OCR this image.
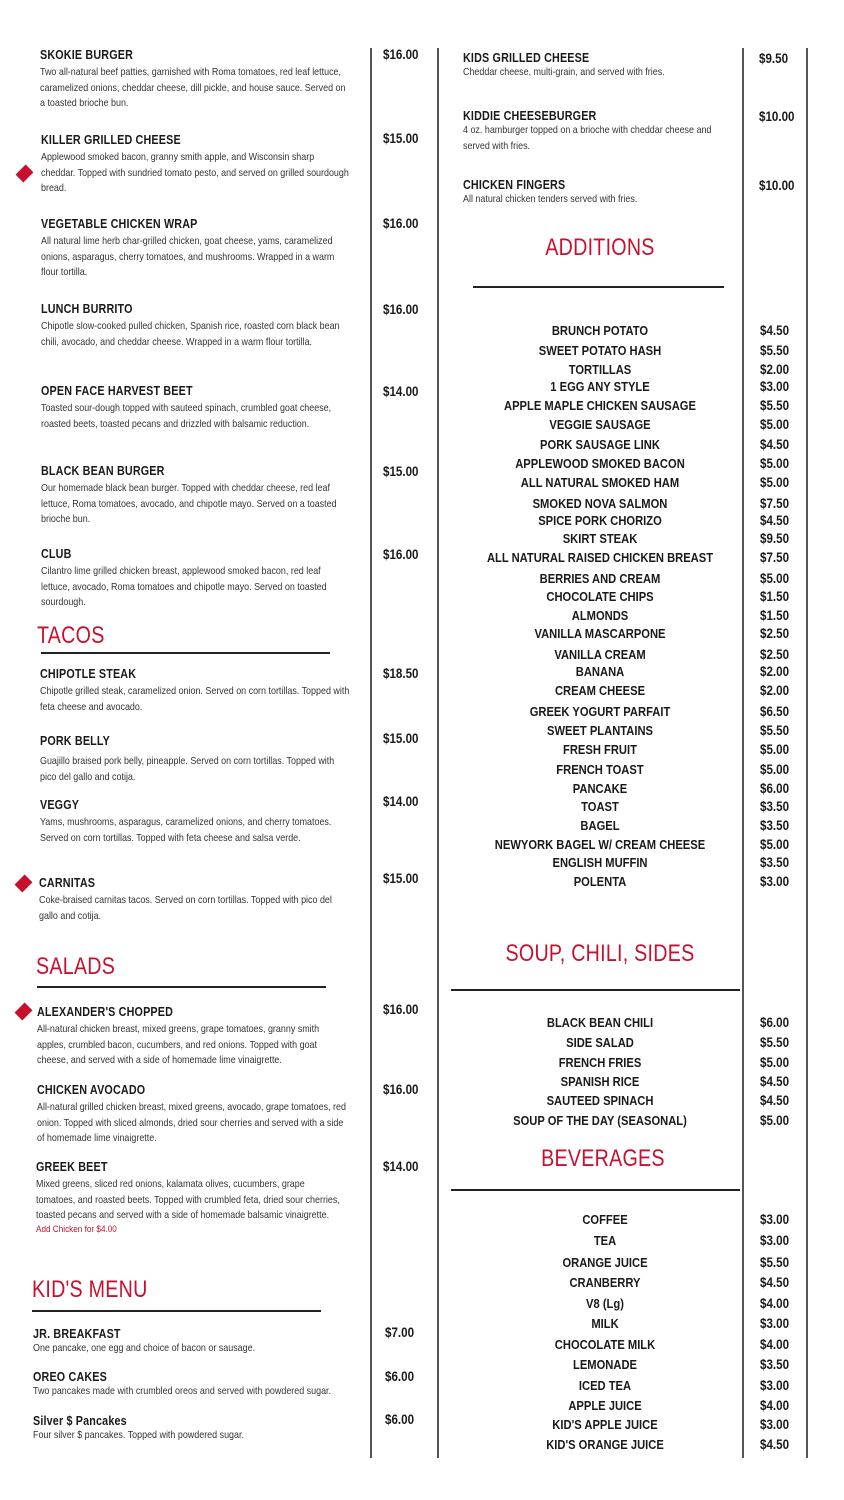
SKOKIE BURGER
Two all-natural beef patties, garnished with Roma tomatoes, red leaf lettuce, caramelized onions, cheddar cheese, dill pickle, and house sauce. Served on a toasted brioche bun.
$16.00
KILLER GRILLED CHEESE
Applewood smoked bacon, granny smith apple, and Wisconsin sharp cheddar. Topped with sundried tomato pesto, and served on grilled sourdough bread.
$15.00
VEGETABLE CHICKEN WRAP
All natural lime herb char-grilled chicken, goat cheese, yams, caramelized onions, asparagus, cherry tomatoes, and mushrooms. Wrapped in a warm flour tortilla.
$16.00
LUNCH BURRITO
Chipotle slow-cooked pulled chicken, Spanish rice, roasted corn black bean chili, avocado, and cheddar cheese. Wrapped in a warm flour tortilla.
$16.00
OPEN FACE HARVEST BEET
Toasted sour-dough topped with sauteed spinach, crumbled goat cheese, roasted beets, toasted pecans and drizzled with balsamic reduction.
$14.00
BLACK BEAN BURGER
Our homemade black bean burger. Topped with cheddar cheese, red leaf lettuce, Roma tomatoes, avocado, and chipotle mayo. Served on a toasted brioche bun.
$15.00
CLUB
Cilantro lime grilled chicken breast, applewood smoked bacon, red leaf lettuce, avocado, Roma tomatoes and chipotle mayo. Served on toasted sourdough.
$16.00
TACOS
CHIPOTLE STEAK
Chipotle grilled steak, caramelized onion. Served on corn tortillas. Topped with feta cheese and avocado.
$18.50
PORK BELLY
Guajillo braised pork belly, pineapple. Served on corn tortillas. Topped with pico del gallo and cotija.
$15.00
VEGGY
Yams, mushrooms, asparagus, caramelized onions, and cherry tomatoes. Served on corn tortillas. Topped with feta cheese and salsa verde.
$14.00
CARNITAS
Coke-braised carnitas tacos. Served on corn tortillas. Topped with pico del gallo and cotija.
$15.00
SALADS
ALEXANDER'S CHOPPED
All-natural chicken breast, mixed greens, grape tomatoes, granny smith apples, crumbled bacon, cucumbers, and red onions. Topped with goat cheese, and served with a side of homemade lime vinaigrette.
$16.00
CHICKEN AVOCADO
All-natural grilled chicken breast, mixed greens, avocado, grape tomatoes, red onion. Topped with sliced almonds, dried sour cherries and served with a side of homemade lime vinaigrette.
$16.00
GREEK BEET
Mixed greens, sliced red onions, kalamata olives, cucumbers, grape tomatoes, and roasted beets. Topped with crumbled feta, dried sour cherries, toasted pecans and served with a side of homemade balsamic vinaigrette.
Add Chicken for $4.00
$14.00
KID'S MENU
JR. BREAKFAST
One pancake, one egg and choice of bacon or sausage.
$7.00
OREO CAKES
Two pancakes made with crumbled oreos and served with powdered sugar.
$6.00
Silver $ Pancakes
Four silver $ pancakes. Topped with powdered sugar.
$6.00
KIDS GRILLED CHEESE
Cheddar cheese, multi-grain, and served with fries.
$9.50
KIDDIE CHEESEBURGER
4 oz. hamburger topped on a brioche with cheddar cheese and served with fries.
$10.00
CHICKEN FINGERS
All natural chicken tenders served with fries.
$10.00
ADDITIONS
BRUNCH POTATO	$4.50
SWEET POTATO HASH	$5.50
TORTILLAS	$2.00
1 EGG ANY STYLE	$3.00
APPLE MAPLE CHICKEN SAUSAGE	$5.50
VEGGIE SAUSAGE	$5.00
PORK SAUSAGE LINK	$4.50
APPLEWOOD SMOKED BACON	$5.00
ALL NATURAL SMOKED HAM	$5.00
SMOKED NOVA SALMON	$7.50
SPICE PORK CHORIZO	$4.50
SKIRT STEAK	$9.50
ALL NATURAL RAISED CHICKEN BREAST	$7.50
BERRIES AND CREAM	$5.00
CHOCOLATE CHIPS	$1.50
ALMONDS	$1.50
VANILLA MASCARPONE	$2.50
VANILLA CREAM	$2.50
BANANA	$2.00
CREAM CHEESE	$2.00
GREEK YOGURT PARFAIT	$6.50
SWEET PLANTAINS	$5.50
FRESH FRUIT	$5.00
FRENCH TOAST	$5.00
PANCAKE	$6.00
TOAST	$3.50
BAGEL	$3.50
NEWYORK BAGEL W/ CREAM CHEESE	$5.00
ENGLISH MUFFIN	$3.50
POLENTA	$3.00
SOUP, CHILI, SIDES
BLACK BEAN CHILI	$6.00
SIDE SALAD	$5.50
FRENCH FRIES	$5.00
SPANISH RICE	$4.50
SAUTEED SPINACH	$4.50
SOUP OF THE DAY (SEASONAL)	$5.00
BEVERAGES
COFFEE	$3.00
TEA	$3.00
ORANGE JUICE	$5.50
CRANBERRY	$4.50
V8 (Lg)	$4.00
MILK	$3.00
CHOCOLATE MILK	$4.00
LEMONADE	$3.50
ICED TEA	$3.00
APPLE JUICE	$4.00
KID'S APPLE JUICE	$3.00
KID'S ORANGE JUICE	$4.50
